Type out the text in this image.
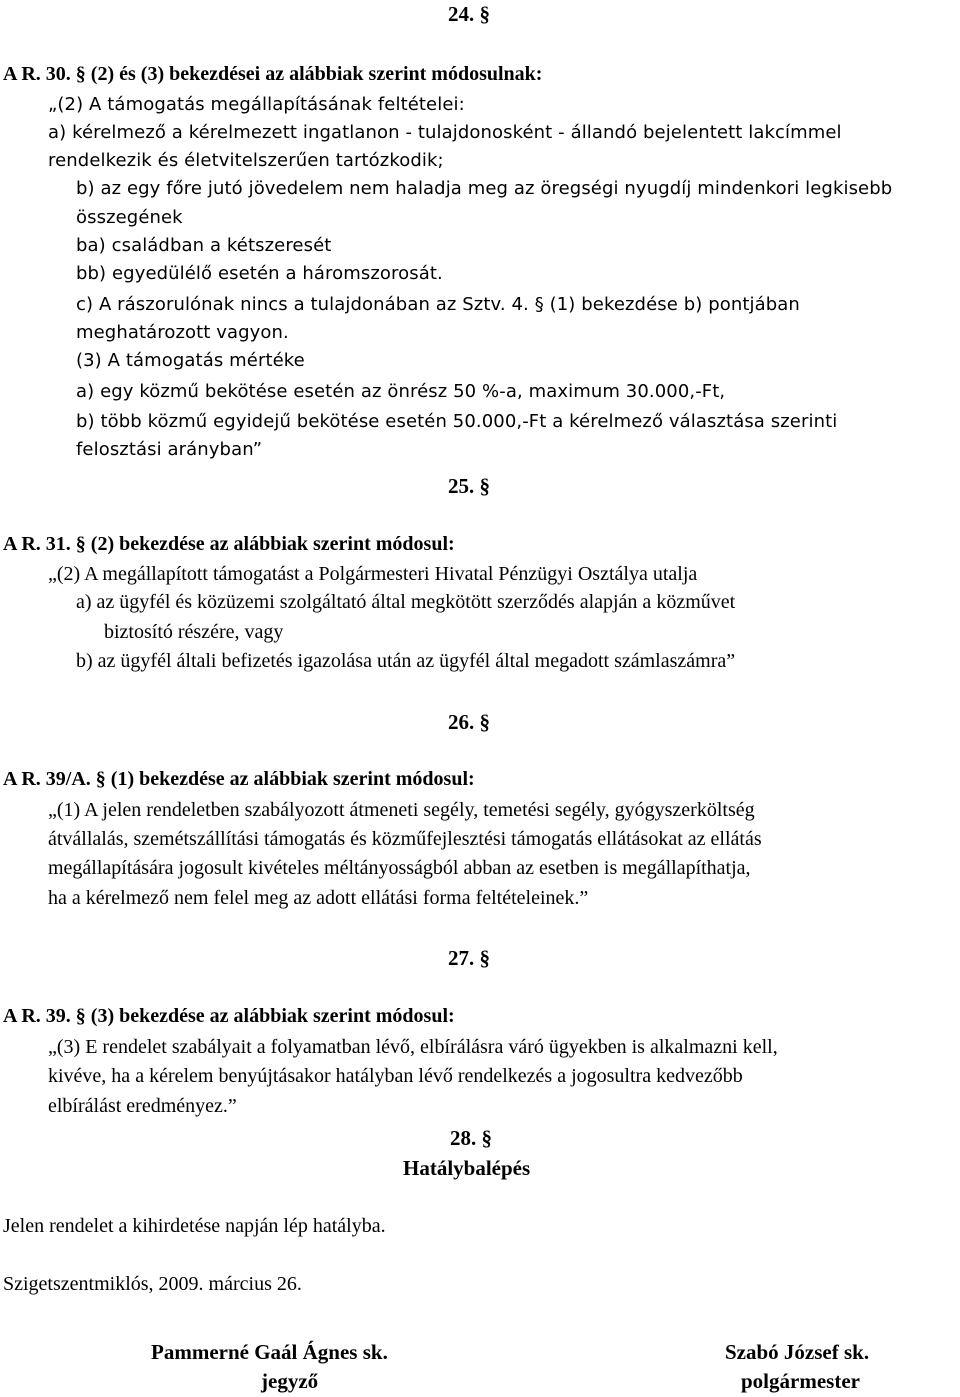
24. §
A R. 30. § (2) és (3) bekezdései az alábbiak szerint módosulnak:
„(2) A támogatás megállapításának feltételei:
a) kérelmező a kérelmezett ingatlanon - tulajdonosként - állandó bejelentett lakcímmel
rendelkezik és életvitelszerűen tartózkodik;
b) az egy főre jutó jövedelem nem haladja meg az öregségi nyugdíj mindenkori legkisebb
összegének
ba) családban a kétszeresét
bb) egyedülélő esetén a háromszorosát.
c) A rászorulónak nincs a tulajdonában az Sztv. 4. § (1) bekezdése b) pontjában
meghatározott vagyon.
(3) A támogatás mértéke
a) egy közmű bekötése esetén az önrész 50 %-a, maximum 30.000,-Ft,
b) több közmű egyidejű bekötése esetén 50.000,-Ft a kérelmező választása szerinti
felosztási arányban”
25. §
A R. 31. § (2) bekezdése az alábbiak szerint módosul:
„(2) A megállapított támogatást a Polgármesteri Hivatal Pénzügyi Osztálya utalja
a) az ügyfél és közüzemi szolgáltató által megkötött szerződés alapján a közművet
biztosító részére, vagy
b) az ügyfél általi befizetés igazolása után az ügyfél által megadott számlaszámra”
26. §
A R. 39/A. § (1) bekezdése az alábbiak szerint módosul:
„(1) A jelen rendeletben szabályozott átmeneti segély, temetési segély, gyógyszerköltség
átvállalás, szemétszállítási támogatás és közműfejlesztési támogatás ellátásokat az ellátás
megállapítására jogosult kivételes méltányosságból abban az esetben is megállapíthatja,
ha a kérelmező nem felel meg az adott ellátási forma feltételeinek.”
27. §
A R. 39. § (3) bekezdése az alábbiak szerint módosul:
„(3) E rendelet szabályait a folyamatban lévő, elbírálásra váró ügyekben is alkalmazni kell,
kivéve, ha a kérelem benyújtásakor hatályban lévő rendelkezés a jogosultra kedvezőbb
elbírálást eredményez.”
28. §
Hatálybalépés
Jelen rendelet a kihirdetése napján lép hatályba.
Szigetszentmiklós, 2009. március 26.
Pammerné Gaál Ágnes sk.
jegyző
Szabó József sk.
polgármester
